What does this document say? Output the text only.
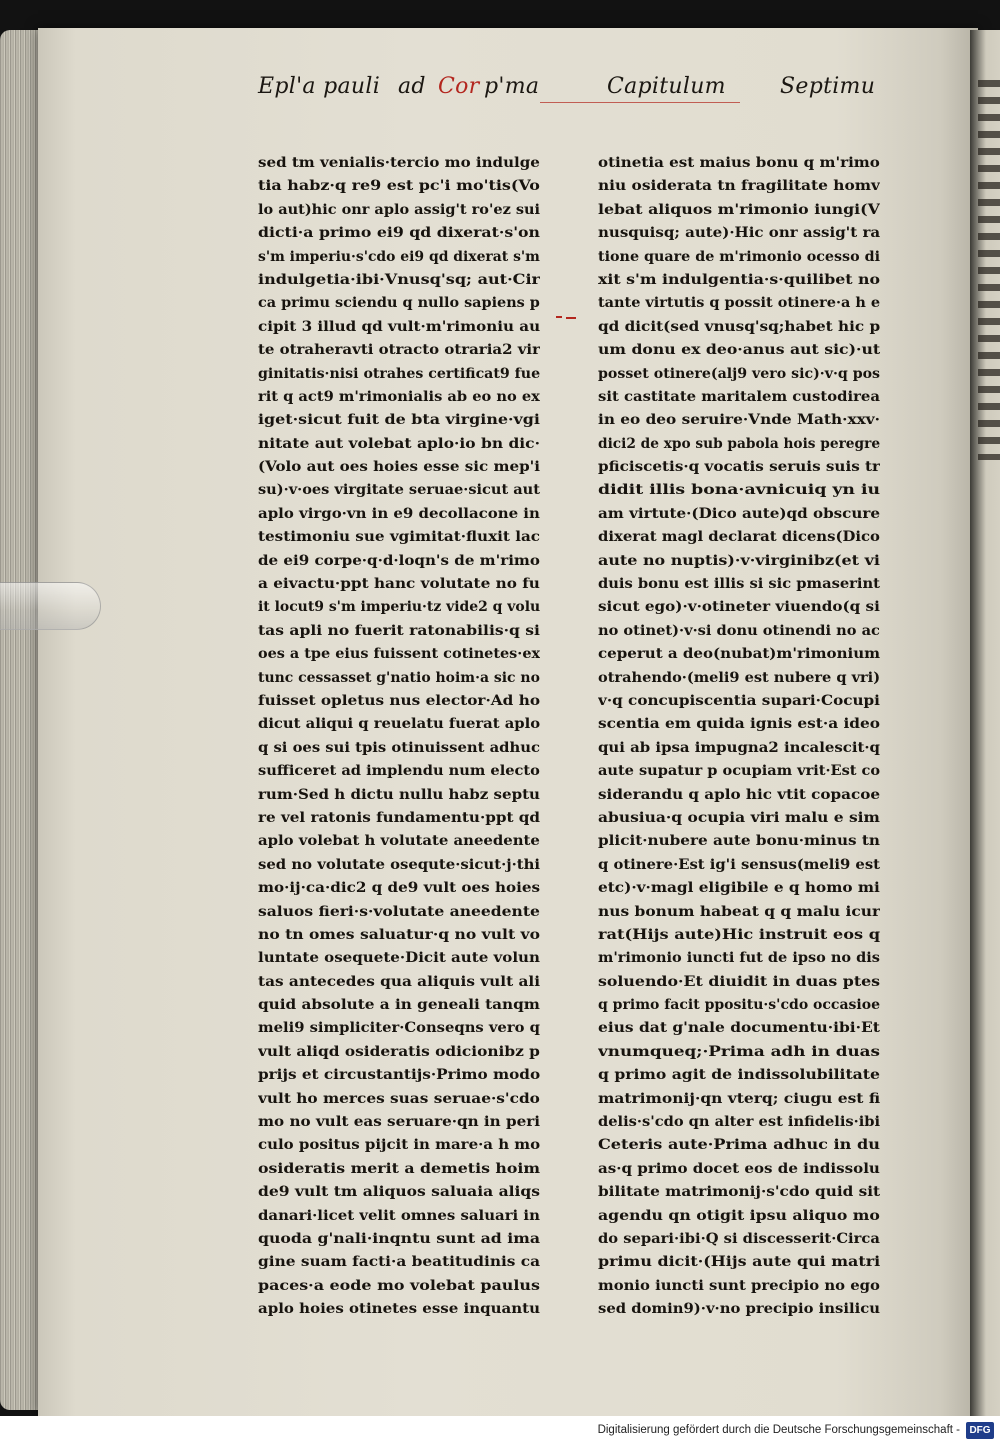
Epl'a pauli ad Cor p'ma	Capitulum Septimu
sed tm venialis·tercio mo indulge
tia habz·q re9 est pc'i mo'tis(Vo
lo aut)hic onr aplo assig't ro'ez sui
dicti·a primo ei9 qd dixerat·s'on
s'm imperiu·s'cdo ei9 qd dixerat s'm
indulgetia·ibi·Vnusq'sq; aut·Cir
ca primu sciendu q nullo sapiens p
cipit 3 illud qd vult·m'rimoniu au
te otraheravti otracto otraria2 vir
ginitatis·nisi otrahes certificat9 fue
rit q act9 m'rimonialis ab eo no ex
iget·sicut fuit de bta virgine·vgi
nitate aut volebat aplo·io bn dic·
(Volo aut oes hoies esse sic mep'i
su)·v·oes virgitate seruae·sicut aut
aplo virgo·vn in e9 decollacone in
testimoniu sue vgimitat·fluxit lac
de ei9 corpe·q·d·loqn's de m'rimo
a eivactu·ppt hanc volutate no fu
it locut9 s'm imperiu·tz vide2 q volu
tas apli no fuerit ratonabilis·q si
oes a tpe eius fuissent cotinetes·ex
tunc cessasset g'natio hoim·a sic no
fuisset opletus nus elector·Ad ho
dicut aliqui q reuelatu fuerat aplo
q si oes sui tpis otinuissent adhuc
sufficeret ad implendu num electo
rum·Sed h dictu nullu habz septu
re vel ratonis fundamentu·ppt qd
aplo volebat h volutate aneedente
sed no volutate osequte·sicut·j·thi
mo·ij·ca·dic2 q de9 vult oes hoies
saluos fieri·s·volutate aneedente
no tn omes saluatur·q no vult vo
luntate osequete·Dicit aute volun
tas antecedes qua aliquis vult ali
quid absolute a in geneali tanqm
meli9 simpliciter·Conseqns vero q
vult aliqd osideratis odicionibz p
prijs et circustantijs·Primo modo
vult ho merces suas seruae·s'cdo
mo no vult eas seruare·qn in peri
culo positus pijcit in mare·a h mo
osideratis merit a demetis hoim
de9 vult tm aliquos saluaia aliqs
danari·licet velit omnes saluari in
quoda g'nali·inqntu sunt ad ima
gine suam facti·a beatitudinis ca
paces·a eode mo volebat paulus
aplo hoies otinetes esse inquantu
otinetia est maius bonu q m'rimo
niu osiderata tn fragilitate homv
lebat aliquos m'rimonio iungi(V
nusquisq; aute)·Hic onr assig't ra
tione quare de m'rimonio ocesso di
xit s'm indulgentia·s·quilibet no
tante virtutis q possit otinere·a h e
qd dicit(sed vnusq'sq;habet hic p
um donu ex deo·anus aut sic)·ut
posset otinere(alj9 vero sic)·v·q pos
sit castitate maritalem custodirea
in eo deo seruire·Vnde Math·xxv·
dici2 de xpo sub pabola hois peregre
pficiscetis·q vocatis seruis suis tr
didit illis bona·avnicuiq yn iu
am virtute·(Dico aute)qd obscure
dixerat magl declarat dicens(Dico
aute no nuptis)·v·virginibz(et vi
duis bonu est illis si sic pmaserint
sicut ego)·v·otineter viuendo(q si
no otinet)·v·si donu otinendi no ac
ceperut a deo(nubat)m'rimonium
otrahendo·(meli9 est nubere q vri)
v·q concupiscentia supari·Cocupi
scentia em quida ignis est·a ideo
qui ab ipsa impugna2 incalescit·q
aute supatur p ocupiam vrit·Est co
siderandu q aplo hic vtit copacoe
abusiua·q ocupia viri malu e sim
plicit·nubere aute bonu·minus tn
q otinere·Est ig'i sensus(meli9 est
etc)·v·magl eligibile e q homo mi
nus bonum habeat q q malu icur
rat(Hijs aute)Hic instruit eos q
m'rimonio iuncti fut de ipso no dis
soluendo·Et diuidit in duas ptes
q primo facit ppositu·s'cdo occasioe
eius dat g'nale documentu·ibi·Et
vnumqueq;·Prima adh in duas
q primo agit de indissolubilitate
matrimonij·qn vterq; ciugu est fi
delis·s'cdo qn alter est infidelis·ibi
Ceteris aute·Prima adhuc in du
as·q primo docet eos de indissolu
bilitate matrimonij·s'cdo quid sit
agendu qn otigit ipsu aliquo mo
do separi·ibi·Q si discesserit·Circa
primu dicit·(Hijs aute qui matri
monio iuncti sunt precipio no ego
sed domin9)·v·no precipio insilicu
Digitalisierung gefördert durch die Deutsche Forschungsgemeinschaft - DFG
